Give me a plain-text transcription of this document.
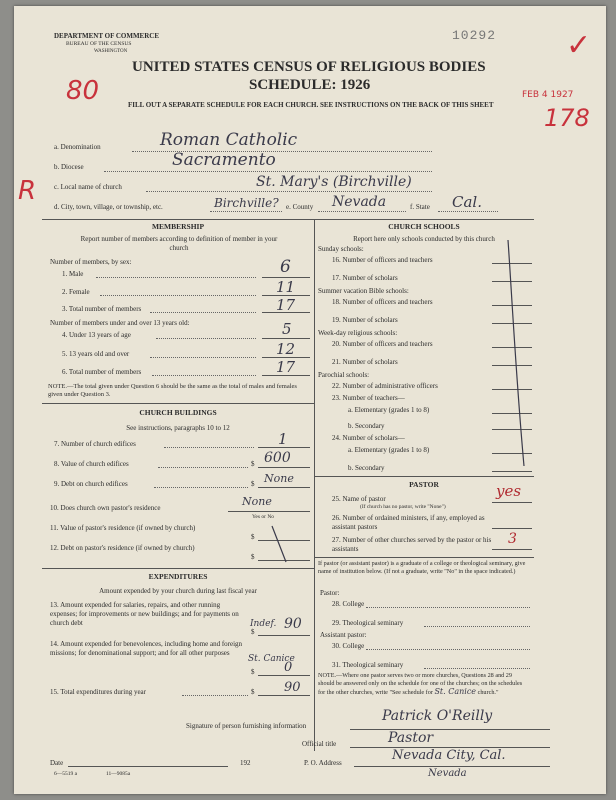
DEPARTMENT OF COMMERCE
BUREAU OF THE CENSUS
WASHINGTON
10292
UNITED STATES CENSUS OF RELIGIOUS BODIES
SCHEDULE: 1926
FILL OUT A SEPARATE SCHEDULE FOR EACH CHURCH. SEE INSTRUCTIONS ON THE BACK OF THIS SHEET
80	FEB 4 1927
178
✓
R
a. Denomination	Roman Catholic
b. Diocese	Sacramento
c. Local name of church	St. Mary's (Birchville)
d. City, town, village, or township, etc.	Birchville? e. County Nevada	f. State Cal.
MEMBERSHIP
Report number of members according to definition of member in your church
Number of members, by sex:
1. Male	6
2. Female	11
3. Total number of members	17
Number of members under and over 13 years old:
4. Under 13 years of age	5
5. 13 years old and over	12
6. Total number of members	17
NOTE.—The total given under Question 6 should be the same as the total of males and females given under Question 3.
CHURCH BUILDINGS
See instructions, paragraphs 10 to 12
7. Number of church edifices	1
8. Value of church edifices	$ 600
9. Debt on church edifices	$ None
10. Does church own pastor's residence	None
Yes or No
11. Value of pastor's residence (if owned by church)
$
12. Debt on pastor's residence (if owned by church)
$
EXPENDITURES
Amount expended by your church during last fiscal year
13. Amount expended for salaries, repairs, and other running expenses; for improvements or new buildings; and for payments on church debt
$
Indef. 90
14. Amount expended for benevolences, including home and foreign missions; for denominational support; and for all other purposes
$
St. Canice
0
15. Total expenditures during year	$ 90
CHURCH SCHOOLS
Report here only schools conducted by this church
Sunday schools:
16. Number of officers and teachers
17. Number of scholars
Summer vacation Bible schools:
18. Number of officers and teachers
19. Number of scholars
Week-day religious schools:
20. Number of officers and teachers
21. Number of scholars
Parochial schools:
22. Number of administrative officers
23. Number of teachers—
a. Elementary (grades 1 to 8)
b. Secondary
24. Number of scholars—
a. Elementary (grades 1 to 8)
b. Secondary
PASTOR
25. Name of pastor	yes
(If church has no pastor, write "None")
26. Number of ordained ministers, if any, employed as assistant pastors
27. Number of other churches served by the pastor or his assistants
3
If pastor (or assistant pastor) is a graduate of a college or theological seminary, give name of institution below. (If not a graduate, write "No" in the space indicated.)
Pastor:
28. College
29. Theological seminary
Assistant pastor:
30. College
31. Theological seminary
NOTE.—Where one pastor serves two or more churches, Questions 28 and 29 should be answered only on the schedule for one of the churches; on the schedules for the other churches, write "See schedule for St. Canice church."
Signature of person furnishing information
Patrick O'Reilly
Official title	Pastor
Date	192	P. O. Address	Nevada City, Cal.
Nevada
6—5519 a	11—9085a
